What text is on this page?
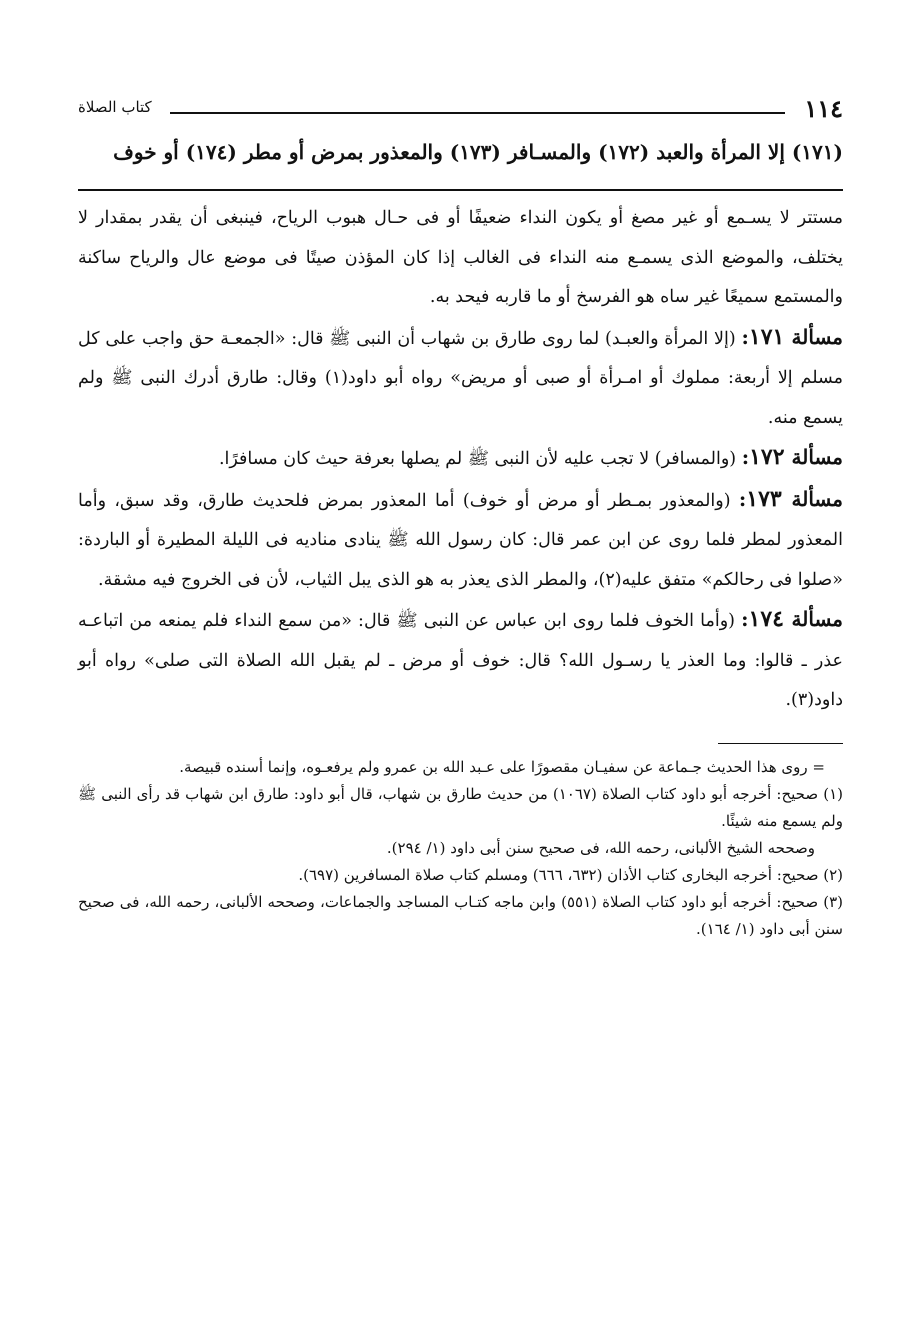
١١٤
كتاب الصلاة
(١٧١) إلا المرأة والعبد (١٧٢) والمسـافر (١٧٣) والمعذور بمرض أو مطر (١٧٤) أو خوف

مستتر لا يسـمع أو غير مصغ أو يكون النداء ضعيفًا أو فى حـال هبوب الرياح، فينبغى أن يقدر بمقدار لا يختلف، والموضع الذى يسمـع منه النداء فى الغالب إذا كان المؤذن صيتًا فى موضع عال والرياح ساكنة والمستمع سميعًا غير ساه هو الفرسخ أو ما قاربه فيحد به.

مسألة ١٧١: (إلا المرأة والعبـد) لما روى طارق بن شهاب أن النبى ﷺ قال: «الجمعـة حق واجب على كل مسلم إلا أربعة: مملوك أو امـرأة أو صبى أو مريض» رواه أبو داود(١) وقال: طارق أدرك النبى ﷺ ولم يسمع منه.

مسألة ١٧٢: (والمسافر) لا تجب عليه لأن النبى ﷺ لم يصلها بعرفة حيث كان مسافرًا.

مسألة ١٧٣: (والمعذور بمـطر أو مرض أو خوف) أما المعذور بمرض فلحديث طارق، وقد سبق، وأما المعذور لمطر فلما روى عن ابن عمر قال: كان رسول الله ﷺ ينادى مناديه فى الليلة المطيرة أو الباردة: «صلوا فى رحالكم» متفق عليه(٢)، والمطر الذى يعذر به هو الذى يبل الثياب، لأن فى الخروج فيه مشقة.

مسألة ١٧٤: (وأما الخوف فلما روى ابن عباس عن النبى ﷺ قال: «من سمع النداء فلم يمنعه من اتباعـه عذر ـ قالوا: وما العذر يا رسـول الله؟ قال: خوف أو مرض ـ لم يقبل الله الصلاة التى صلى» رواه أبو داود(٣).

= روى هذا الحديث جـماعة عن سفيـان مقصورًا على عـبد الله بن عمرو ولم يرفعـوه، وإنما أسنده قبيصة.

(١) صحيح: أخرجه أبو داود كتاب الصلاة (١٠٦٧) من حديث طارق بن شهاب، قال أبو داود: طارق ابن شهاب قد رأى النبى ﷺ ولم يسمع منه شيئًا.

وصححه الشيخ الألبانى، رحمه الله، فى صحيح سنن أبى داود (١/ ٢٩٤).

(٢) صحيح: أخرجه البخارى كتاب الأذان (٦٣٢، ٦٦٦) ومسلم كتاب صلاة المسافرين (٦٩٧).

(٣) صحيح: أخرجه أبو داود كتاب الصلاة (٥٥١) وابن ماجه كتـاب المساجد والجماعات، وصححه الألبانى، رحمه الله، فى صحيح سنن أبى داود (١/ ١٦٤).
